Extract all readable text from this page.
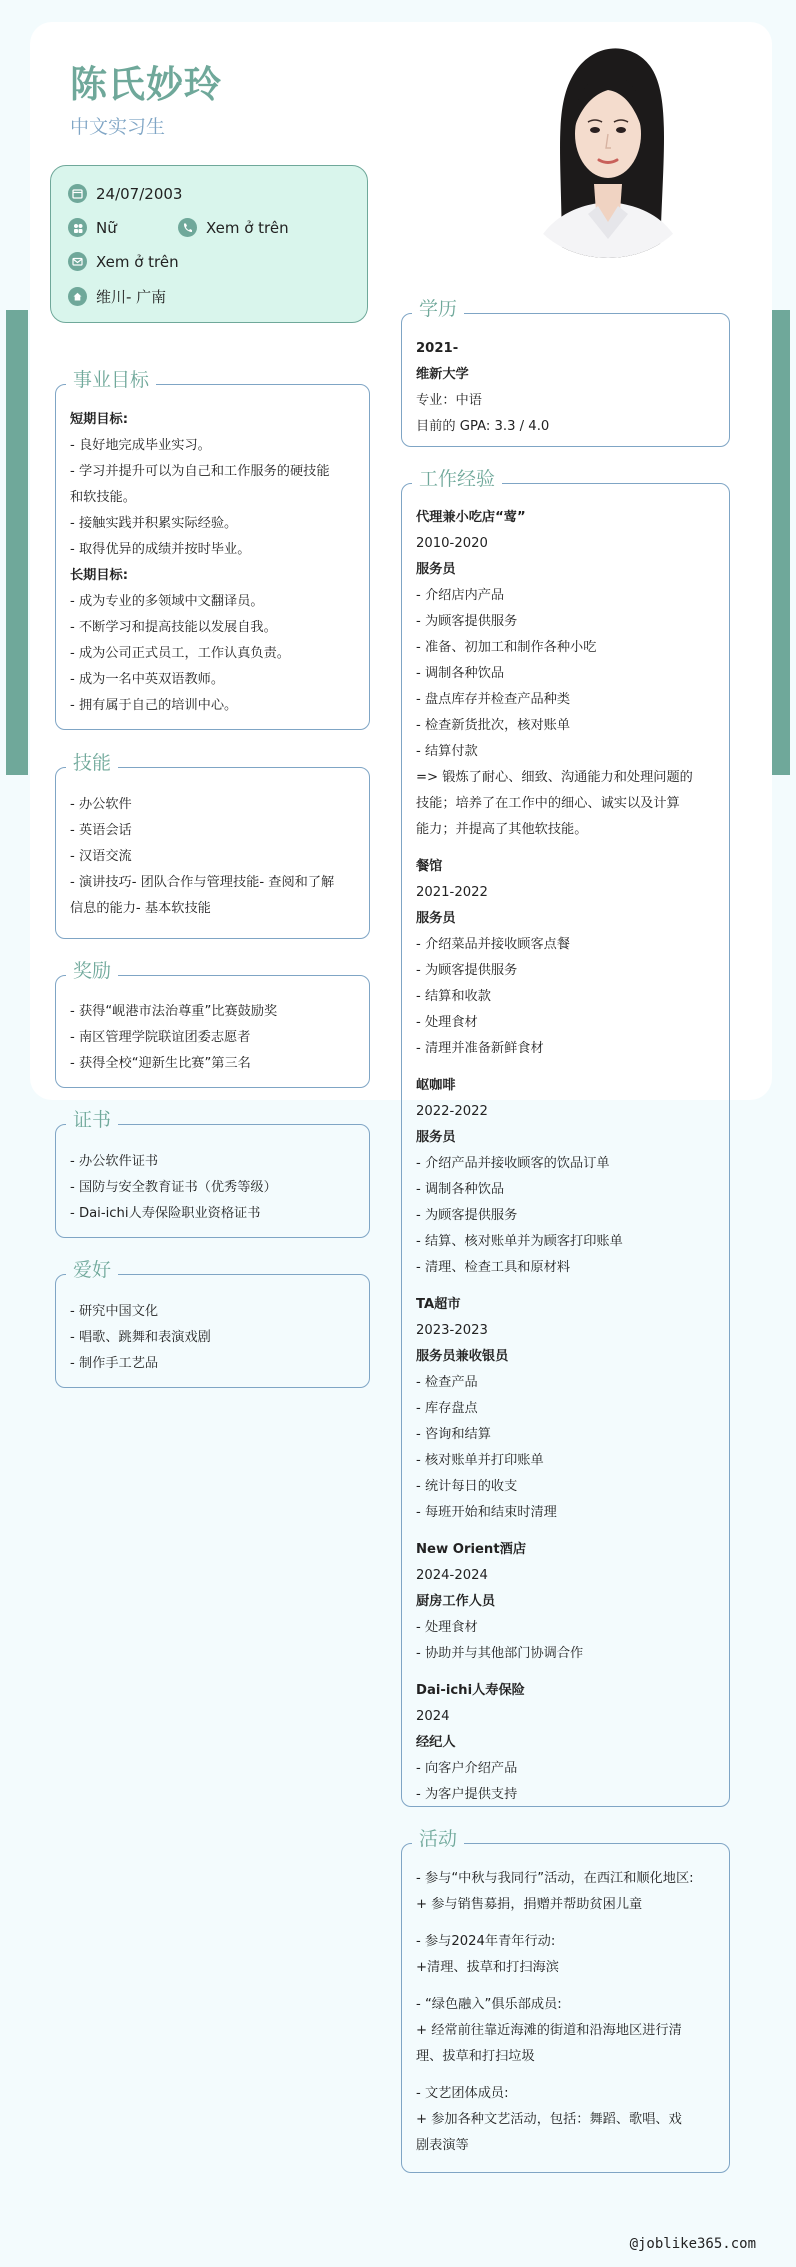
陈氏妙玲
中文实习生
24/07/2003
Nữ	Xem ở trên
Xem ở trên
维川- 广南
事业目标
短期目标:
- 良好地完成毕业实习。
- 学习并提升可以为自己和工作服务的硬技能
和软技能。
- 接触实践并积累实际经验。
- 取得优异的成绩并按时毕业。
长期目标:
- 成为专业的多领域中文翻译员。
- 不断学习和提高技能以发展自我。
- 成为公司正式员工，工作认真负责。
- 成为一名中英双语教师。
- 拥有属于自己的培训中心。
技能
- 办公软件
- 英语会话
- 汉语交流
- 演讲技巧- 团队合作与管理技能- 查阅和了解
信息的能力- 基本软技能
奖励
- 获得“岘港市法治尊重”比赛鼓励奖
- 南区管理学院联谊团委志愿者
- 获得全校“迎新生比赛”第三名
证书
- 办公软件证书
- 国防与安全教育证书（优秀等级）
- Dai-ichi人寿保险职业资格证书
爱好
- 研究中国文化
- 唱歌、跳舞和表演戏剧
- 制作手工艺品
学历
2021-
维新大学
专业：中语
目前的 GPA: 3.3 / 4.0
工作经验
代理兼小吃店“莺”
2010-2020
服务员
- 介绍店内产品
- 为顾客提供服务
- 准备、初加工和制作各种小吃
- 调制各种饮品
- 盘点库存并检查产品种类
- 检查新货批次，核对账单
- 结算付款
=> 锻炼了耐心、细致、沟通能力和处理问题的
技能；培养了在工作中的细心、诚实以及计算
能力；并提高了其他软技能。
餐馆
2021-2022
服务员
- 介绍菜品并接收顾客点餐
- 为顾客提供服务
- 结算和收款
- 处理食材
- 清理并准备新鲜食材
岖咖啡
2022-2022
服务员
- 介绍产品并接收顾客的饮品订单
- 调制各种饮品
- 为顾客提供服务
- 结算、核对账单并为顾客打印账单
- 清理、检查工具和原材料
TA超市
2023-2023
服务员兼收银员
- 检查产品
- 库存盘点
- 咨询和结算
- 核对账单并打印账单
- 统计每日的收支
- 每班开始和结束时清理
New Orient酒店
2024-2024
厨房工作人员
- 处理食材
- 协助并与其他部门协调合作
Dai-ichi人寿保险
2024
经纪人
- 向客户介绍产品
- 为客户提供支持
活动
- 参与“中秋与我同行”活动，在西江和顺化地区:
+ 参与销售募捐，捐赠并帮助贫困儿童
- 参与2024年青年行动:
+清理、拔草和打扫海滨
- “绿色融入”俱乐部成员:
+ 经常前往靠近海滩的街道和沿海地区进行清
理、拔草和打扫垃圾
- 文艺团体成员:
+ 参加各种文艺活动，包括：舞蹈、歌唱、戏
剧表演等
@joblike365.com
